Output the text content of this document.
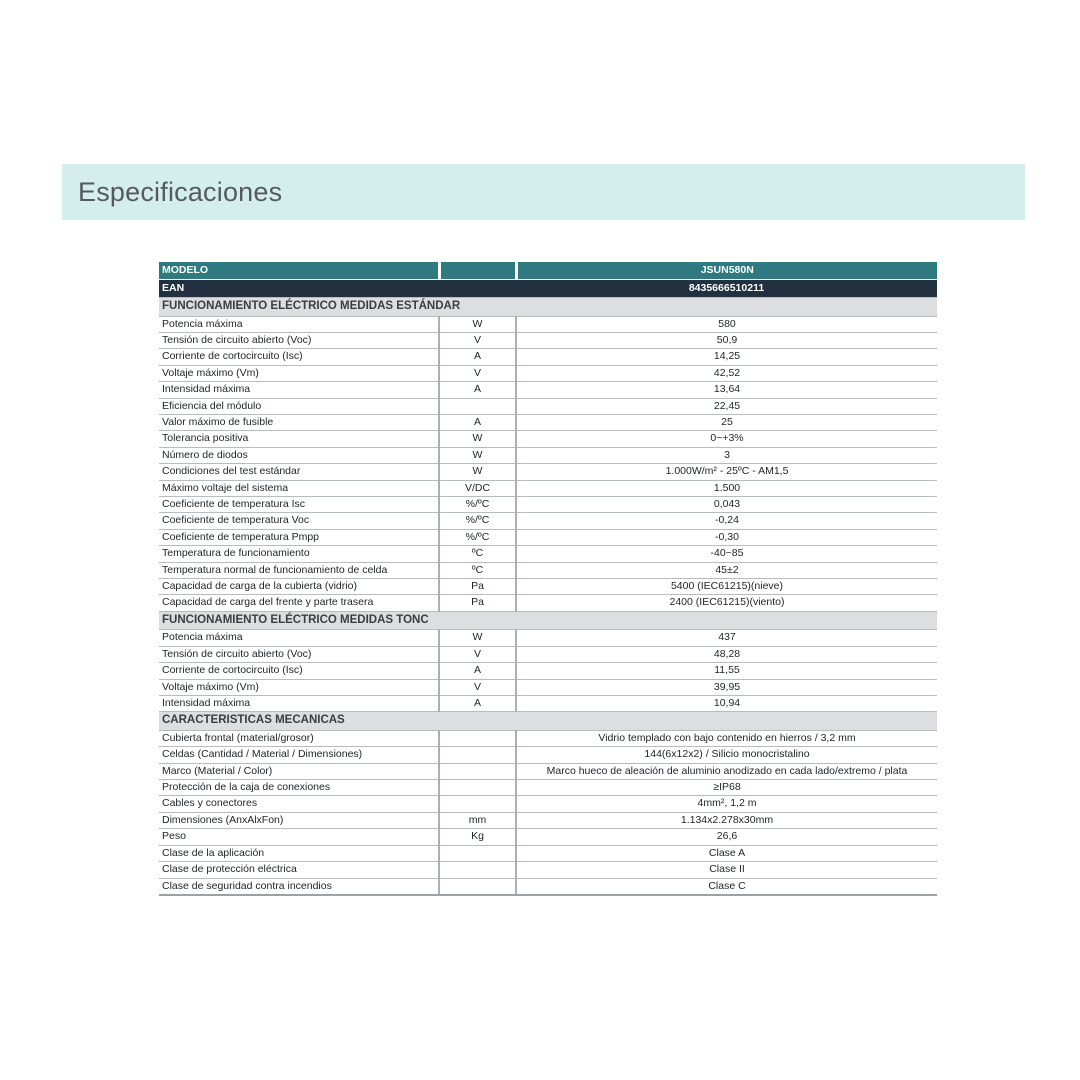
Especificaciones
MODELO		JSUN580N
EAN		8435666510211
FUNCIONAMIENTO ELÉCTRICO MEDIDAS ESTÁNDAR		
Potencia máxima	W	580
Tensión de circuito abierto (Voc)	V	50,9
Corriente de cortocircuito (Isc)	A	14,25
Voltaje máximo (Vm)	V	42,52
Intensidad máxima	A	13,64
Eficiencia del módulo		22,45
Valor máximo de fusible	A	25
Tolerancia positiva	W	0~+3%
Número de diodos	W	3
Condiciones del test estándar	W	1.000W/m² - 25ºC - AM1,5
Máximo voltaje del sistema	V/DC	1.500
Coeficiente de temperatura Isc	%/ºC	0,043
Coeficiente de temperatura Voc	%/ºC	-0,24
Coeficiente de temperatura Pmpp	%/ºC	-0,30
Temperatura de funcionamiento	ºC	-40~85
Temperatura normal de funcionamiento de celda	ºC	45±2
Capacidad de carga de la cubierta (vidrio)	Pa	5400 (IEC61215)(nieve)
Capacidad de carga del frente y parte trasera	Pa	2400 (IEC61215)(viento)
FUNCIONAMIENTO ELÉCTRICO MEDIDAS TONC		
Potencia máxima	W	437
Tensión de circuito abierto (Voc)	V	48,28
Corriente de cortocircuito (Isc)	A	11,55
Voltaje máximo (Vm)	V	39,95
Intensidad máxima	A	10,94
CARACTERISTICAS MECANICAS		
Cubierta frontal (material/grosor)		Vidrio templado con bajo contenido en hierros / 3,2 mm
Celdas (Cantidad / Material / Dimensiones)		144(6x12x2) / Silicio monocristalino
Marco (Material / Color)		Marco hueco de aleación de aluminio anodizado en cada lado/extremo / plata
Protección de la caja de conexiones		≥IP68
Cables y conectores		4mm², 1,2 m
Dimensiones (AnxAlxFon)	mm	1.134x2.278x30mm
Peso	Kg	26,6
Clase de la aplicación		Clase A
Clase de protección eléctrica		Clase II
Clase de seguridad contra incendios		Clase C
